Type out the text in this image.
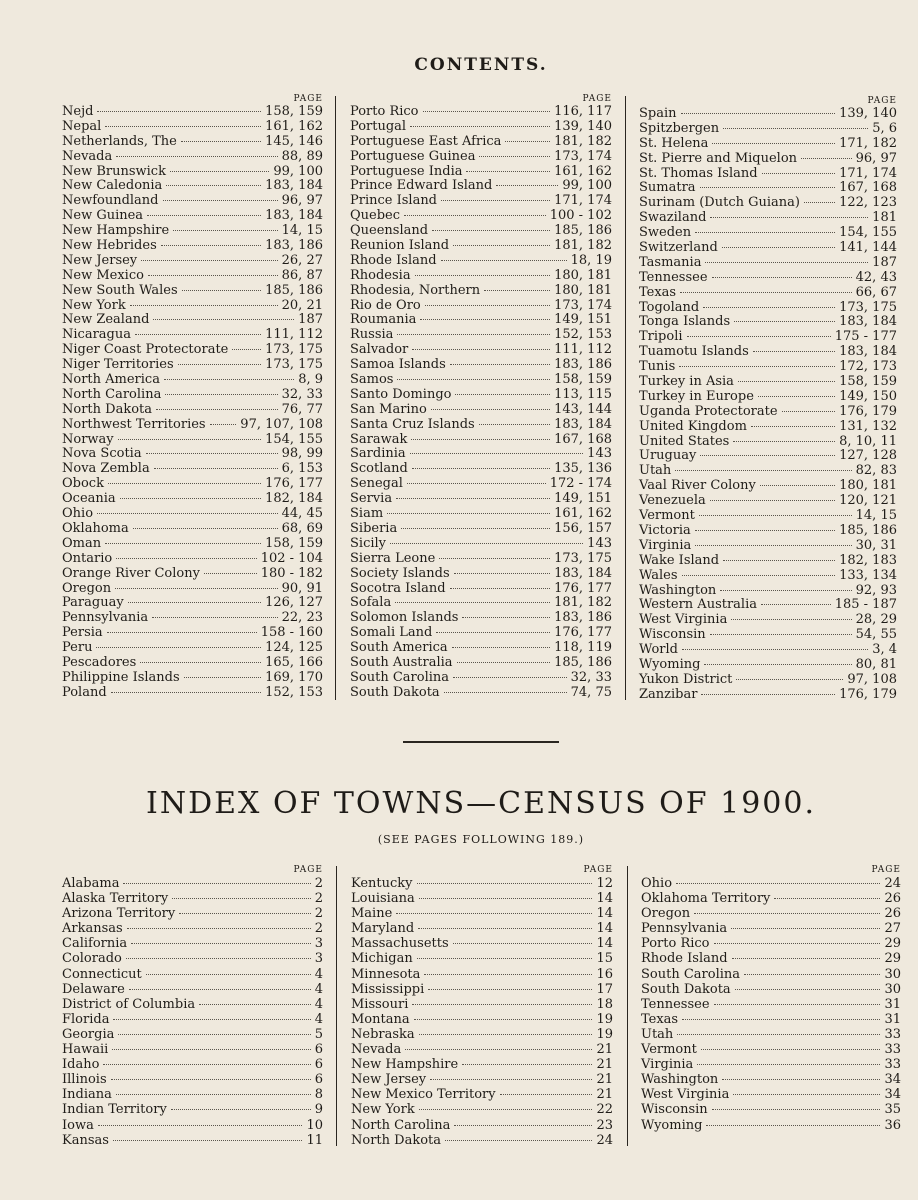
CONTENTS.
PAGE
Nejd	158, 159
Nepal	161, 162
Netherlands, The	145, 146
Nevada	88, 89
New Brunswick	99, 100
New Caledonia	183, 184
Newfoundland	96, 97
New Guinea	183, 184
New Hampshire	14, 15
New Hebrides	183, 186
New Jersey	26, 27
New Mexico	86, 87
New South Wales	185, 186
New York	20, 21
New Zealand	187
Nicaragua	111, 112
Niger Coast Protectorate	173, 175
Niger Territories	173, 175
North America	8, 9
North Carolina	32, 33
North Dakota	76, 77
Northwest Territories	97, 107, 108
Norway	154, 155
Nova Scotia	98, 99
Nova Zembla	6, 153
Obock	176, 177
Oceania	182, 184
Ohio	44, 45
Oklahoma	68, 69
Oman	158, 159
Ontario	102 - 104
Orange River Colony	180 - 182
Oregon	90, 91
Paraguay	126, 127
Pennsylvania	22, 23
Persia	158 - 160
Peru	124, 125
Pescadores	165, 166
Philippine Islands	169, 170
Poland	152, 153
PAGE
Porto Rico	116, 117
Portugal	139, 140
Portuguese East Africa	181, 182
Portuguese Guinea	173, 174
Portuguese India	161, 162
Prince Edward Island	99, 100
Prince Island	171, 174
Quebec	100 - 102
Queensland	185, 186
Reunion Island	181, 182
Rhode Island	18, 19
Rhodesia	180, 181
Rhodesia, Northern	180, 181
Rio de Oro	173, 174
Roumania	149, 151
Russia	152, 153
Salvador	111, 112
Samoa Islands	183, 186
Samos	158, 159
Santo Domingo	113, 115
San Marino	143, 144
Santa Cruz Islands	183, 184
Sarawak	167, 168
Sardinia	143
Scotland	135, 136
Senegal	172 - 174
Servia	149, 151
Siam	161, 162
Siberia	156, 157
Sicily	143
Sierra Leone	173, 175
Society Islands	183, 184
Socotra Island	176, 177
Sofala	181, 182
Solomon Islands	183, 186
Somali Land	176, 177
South America	118, 119
South Australia	185, 186
South Carolina	32, 33
South Dakota	74, 75
PAGE
Spain	139, 140
Spitzbergen	5, 6
St. Helena	171, 182
St. Pierre and Miquelon	96, 97
St. Thomas Island	171, 174
Sumatra	167, 168
Surinam (Dutch Guiana)	122, 123
Swaziland	181
Sweden	154, 155
Switzerland	141, 144
Tasmania	187
Tennessee	42, 43
Texas	66, 67
Togoland	173, 175
Tonga Islands	183, 184
Tripoli	175 - 177
Tuamotu Islands	183, 184
Tunis	172, 173
Turkey in Asia	158, 159
Turkey in Europe	149, 150
Uganda Protectorate	176, 179
United Kingdom	131, 132
United States	8, 10, 11
Uruguay	127, 128
Utah	82, 83
Vaal River Colony	180, 181
Venezuela	120, 121
Vermont	14, 15
Victoria	185, 186
Virginia	30, 31
Wake Island	182, 183
Wales	133, 134
Washington	92, 93
Western Australia	185 - 187
West Virginia	28, 29
Wisconsin	54, 55
World	3, 4
Wyoming	80, 81
Yukon District	97, 108
Zanzibar	176, 179
INDEX OF TOWNS—CENSUS OF 1900.
(SEE PAGES FOLLOWING 189.)
PAGE
Alabama	2
Alaska Territory	2
Arizona Territory	2
Arkansas	2
California	3
Colorado	3
Connecticut	4
Delaware	4
District of Columbia	4
Florida	4
Georgia	5
Hawaii	6
Idaho	6
Illinois	6
Indiana	8
Indian Territory	9
Iowa	10
Kansas	11
PAGE
Kentucky	12
Louisiana	14
Maine	14
Maryland	14
Massachusetts	14
Michigan	15
Minnesota	16
Mississippi	17
Missouri	18
Montana	19
Nebraska	19
Nevada	21
New Hampshire	21
New Jersey	21
New Mexico Territory	21
New York	22
North Carolina	23
North Dakota	24
PAGE
Ohio	24
Oklahoma Territory	26
Oregon	26
Pennsylvania	27
Porto Rico	29
Rhode Island	29
South Carolina	30
South Dakota	30
Tennessee	31
Texas	31
Utah	33
Vermont	33
Virginia	33
Washington	34
West Virginia	34
Wisconsin	35
Wyoming	36
